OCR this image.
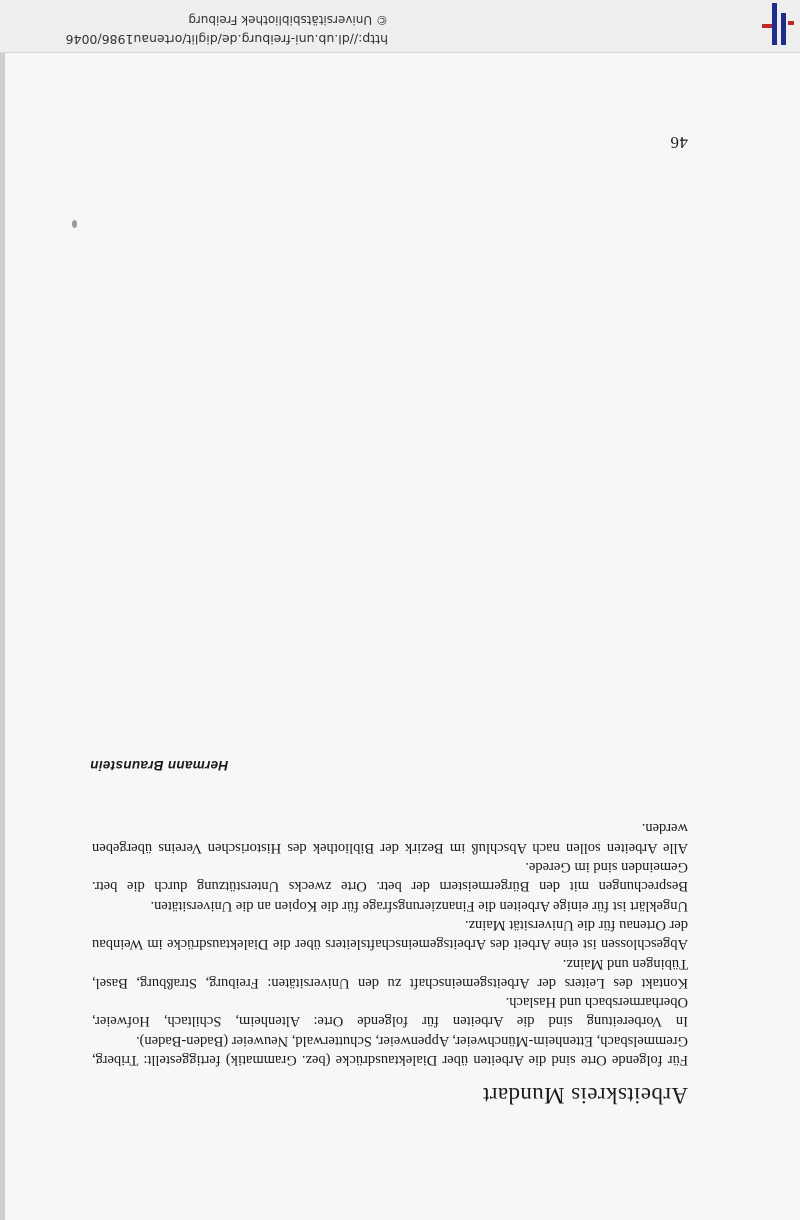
46
Arbeitskreis Mundart

Für folgende Orte sind die Arbeiten über Dialektausdrücke (bez. Grammatik) fertiggestellt: Triberg, Gremmelsbach, Ettenheim-Münchweier, Appenweier, Schutterwald, Neuweier (Baden-Baden).

In Vorbereitung sind die Arbeiten für folgende Orte: Altenheim, Schiltach, Hofweier, Oberharmersbach und Haslach.

Kontakt des Leiters der Arbeitsgemeinschaft zu den Universitäten: Freiburg, Straßburg, Basel, Tübingen und Mainz.

Abgeschlossen ist eine Arbeit des Arbeitsgemeinschaftsleiters über die Dialektausdrücke im Weinbau der Ortenau für die Universität Mainz.

Ungeklärt ist für einige Arbeiten die Finanzierungsfrage für die Kopien an die Universitäten.

Besprechungen mit den Bürgermeistern der betr. Orte zwecks Unterstützung durch die betr. Gemeinden sind im Gerede.

Alle Arbeiten sollen nach Abschluß im Bezirk der Bibliothek des Historischen Vereins übergeben werden.

Hermann Braunstein
http://dl.ub.uni-freiburg.de/diglit/ortenau1986/0046
© Universitätsbibliothek Freiburg
